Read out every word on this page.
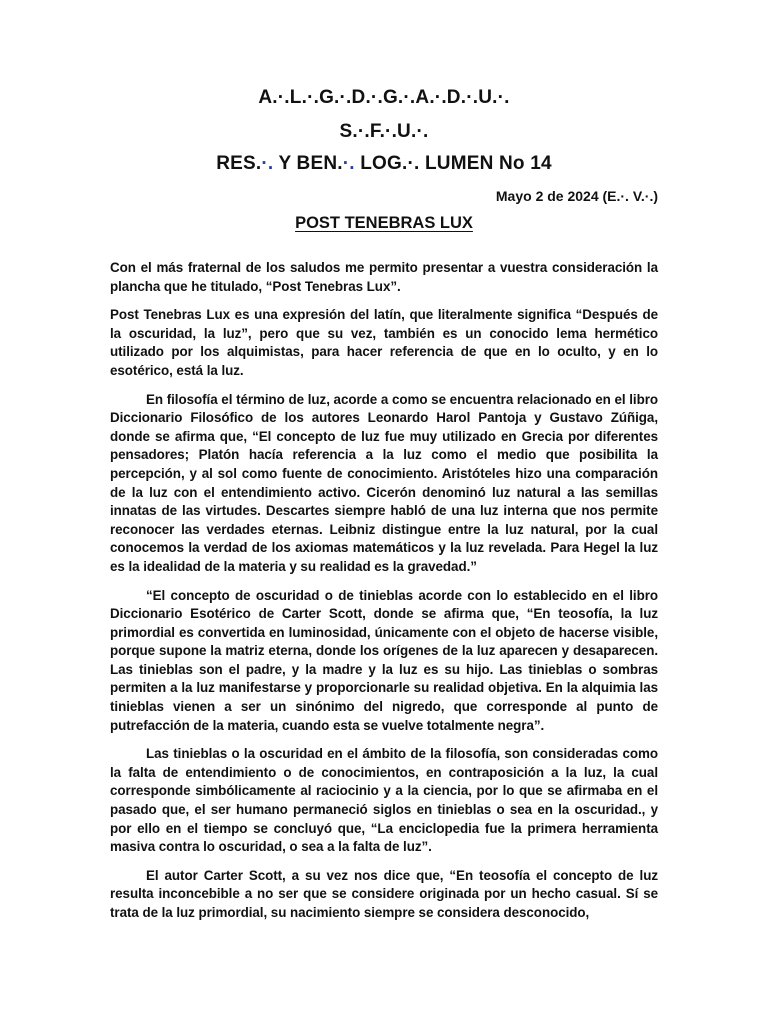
A.·.L.·.G.·.D.·.G.·.A.·.D.·.U.·.
S.·.F.·.U.·.
RES.·. Y BEN.·. LOG.·. LUMEN No 14
Mayo 2 de 2024 (E.·. V.·.)
POST TENEBRAS LUX

Con el más fraternal de los saludos me permito presentar a vuestra consideración la plancha que he titulado, “Post Tenebras Lux”.

Post Tenebras Lux es una expresión del latín, que literalmente significa “Después de la oscuridad, la luz”, pero que su vez, también es un conocido lema hermético utilizado por los alquimistas, para hacer referencia de que en lo oculto, y en lo esotérico, está la luz.

En filosofía el término de luz, acorde a como se encuentra relacionado en el libro Diccionario Filosófico de los autores Leonardo Harol Pantoja y Gustavo Zúñiga, donde se afirma que, “El concepto de luz fue muy utilizado en Grecia por diferentes pensadores; Platón hacía referencia a la luz como el medio que posibilita la percepción, y al sol como fuente de conocimiento. Aristóteles hizo una comparación de la luz con el entendimiento activo. Cicerón denominó luz natural a las semillas innatas de las virtudes. Descartes siempre habló de una luz interna que nos permite reconocer las verdades eternas. Leibniz distingue entre la luz natural, por la cual conocemos la verdad de los axiomas matemáticos y la luz revelada. Para Hegel la luz es la idealidad de la materia y su realidad es la gravedad.”

“El concepto de oscuridad o de tinieblas acorde con lo establecido en el libro Diccionario Esotérico de Carter Scott, donde se afirma que, “En teosofía, la luz primordial es convertida en luminosidad, únicamente con el objeto de hacerse visible, porque supone la matriz eterna, donde los orígenes de la luz aparecen y desaparecen. Las tinieblas son el padre, y la madre y la luz es su hijo. Las tinieblas o sombras permiten a la luz manifestarse y proporcionarle su realidad objetiva. En la alquimia las tinieblas vienen a ser un sinónimo del nigredo, que corresponde al punto de putrefacción de la materia, cuando esta se vuelve totalmente negra”.

Las tinieblas o la oscuridad en el ámbito de la filosofía, son consideradas como la falta de entendimiento o de conocimientos, en contraposición a la luz, la cual corresponde simbólicamente al raciocinio y a la ciencia, por lo que se afirmaba en el pasado que, el ser humano permaneció siglos en tinieblas o sea en la oscuridad., y por ello en el tiempo se concluyó que, “La enciclopedia fue la primera herramienta masiva contra lo oscuridad, o sea a la falta de luz”.

El autor Carter Scott, a su vez nos dice que, “En teosofía el concepto de luz resulta inconcebible a no ser que se considere originada por un hecho casual. Sí se trata de la luz primordial, su nacimiento siempre se considera desconocido,
